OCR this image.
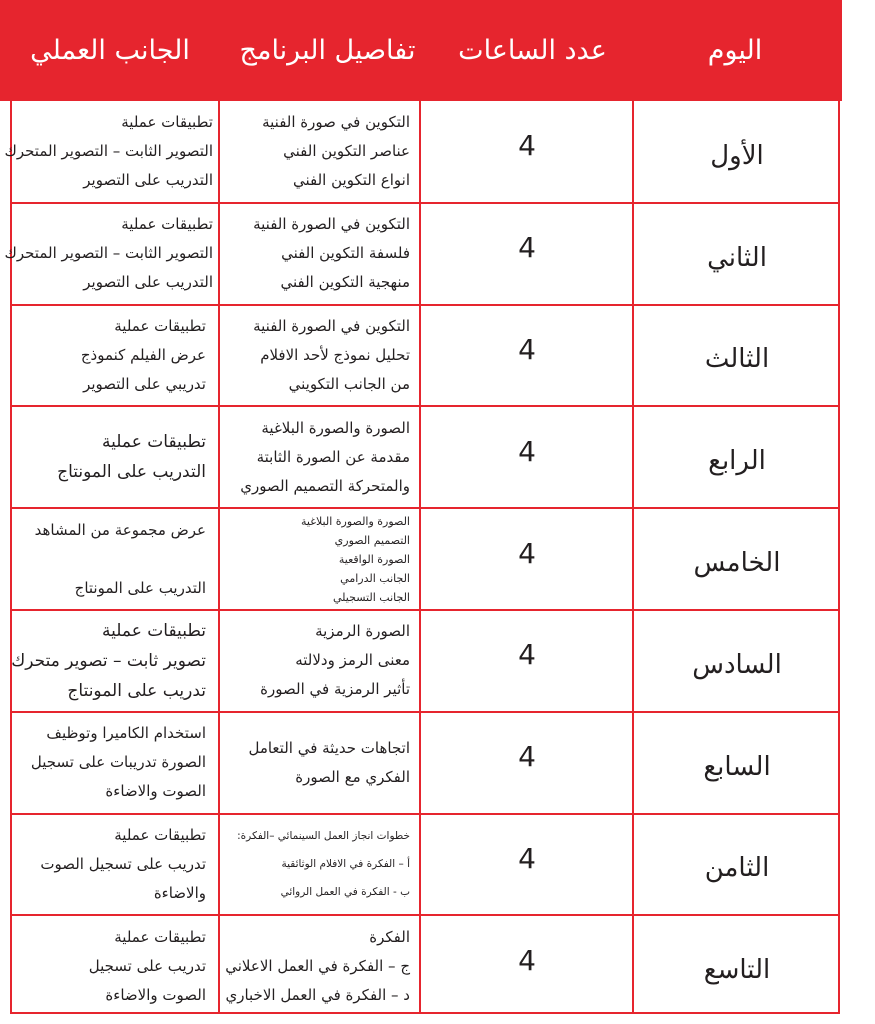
اليوم
عدد الساعات
تفاصيل البرنامج
الجانب العملي
الأول
4
التكوين في صورة الفنية
عناصر التكوين الفني
انواع التكوين الفني
تطبيقات عملية
التصوير الثابت – التصوير المتحرك
التدريب على التصوير
الثاني
4
التكوين في الصورة الفنية
فلسفة التكوين الفني
منهجية التكوين الفني
تطبيقات عملية
التصوير الثابت – التصوير المتحرك
التدريب على التصوير
الثالث
4
التكوين في الصورة الفنية
تحليل نموذج لأحد الافلام
من الجانب التكويني
تطبيقات عملية
عرض الفيلم كنموذج
تدريبي على التصوير
الرابع
4
الصورة والصورة البلاغية
مقدمة عن الصورة الثابتة
والمتحركة التصميم الصوري
تطبيقات عملية
التدريب على المونتاج
الخامس
4
الصورة والصورة البلاغية
التصميم الصوري
الصورة الواقعية
الجانب الدرامي
الجانب التسجيلي
عرض مجموعة من المشاهد

التدريب على المونتاج
السادس
4
الصورة الرمزية
معنى الرمز ودلالته
تأثير الرمزية في الصورة
تطبيقات عملية
تصوير ثابت – تصوير متحرك
تدريب على المونتاج
السابع
4
اتجاهات حديثة في التعامل
الفكري مع الصورة
استخدام الكاميرا وتوظيف
الصورة تدريبات على تسجيل
الصوت والاضاءة
الثامن
4
خطوات انجاز العمل السينمائي –الفكرة:
أ – الفكرة في الافلام الوثائقية
ب - الفكرة في العمل الروائي
تطبيقات عملية
تدريب على تسجيل الصوت
والاضاءة
التاسع
4
الفكرة
ج – الفكرة في العمل الاعلاني
د – الفكرة في العمل الاخباري
تطبيقات عملية
تدريب على تسجيل
الصوت والاضاءة
